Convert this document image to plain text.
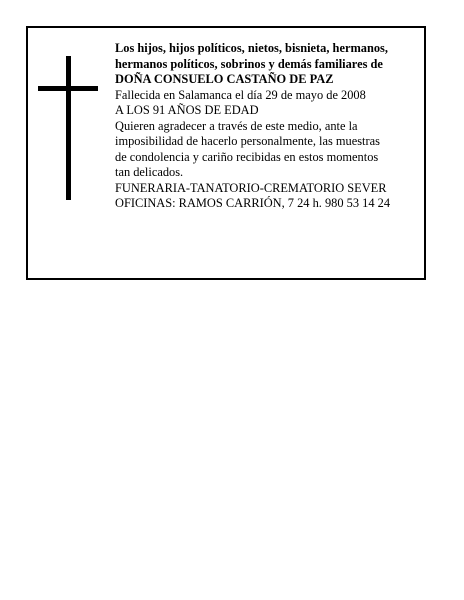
Los hijos, hijos políticos, nietos, bisnieta, hermanos,
hermanos políticos, sobrinos y demás familiares de
DOÑA CONSUELO CASTAÑO DE PAZ
Fallecida en Salamanca el día 29 de mayo de 2008
A LOS 91 AÑOS DE EDAD
Quieren agradecer a través de este medio, ante la
imposibilidad de hacerlo personalmente, las muestras
de condolencia y cariño recibidas en estos momentos
tan delicados.
FUNERARIA-TANATORIO-CREMATORIO SEVER
OFICINAS: RAMOS CARRIÓN, 7 24 h. 980 53 14 24
